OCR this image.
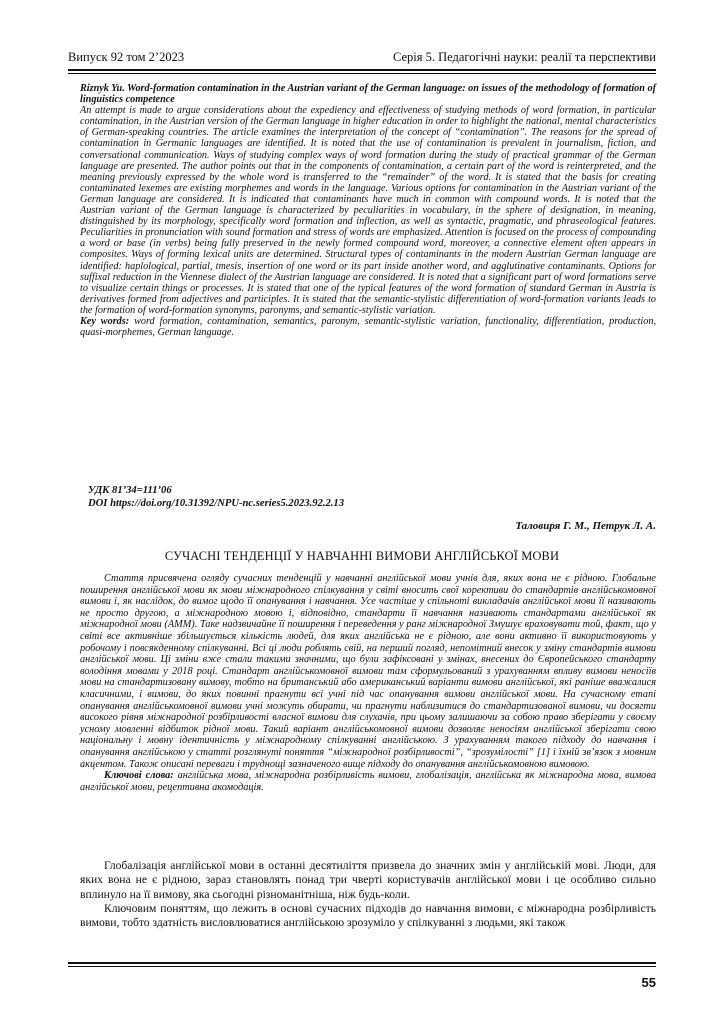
Випуск 92 том 2’2023	Серія 5. Педагогічні науки: реалії та перспективи

Riznyk Yu. Word-formation contamination in the Austrian variant of the German language: on issues of the methodology of formation of linguistics competence

An attempt is made to argue considerations about the expediency and effectiveness of studying methods of word formation, in particular contamination, in the Austrian version of the German language in higher education in order to highlight the national, mental characteristics of German-speaking countries. The article examines the interpretation of the concept of “contamination”. The reasons for the spread of contamination in Germanic languages are identified. It is noted that the use of contamination is prevalent in journalism, fiction, and conversational communication. Ways of studying complex ways of word formation during the study of practical grammar of the German language are presented. The author points out that in the components of contamination, a certain part of the word is reinterpreted, and the meaning previously expressed by the whole word is transferred to the “remainder” of the word. It is stated that the basis for creating contaminated lexemes are existing morphemes and words in the language. Various options for contamination in the Austrian variant of the German language are considered. It is indicated that contaminants have much in common with compound words. It is noted that the Austrian variant of the German language is characterized by peculiarities in vocabulary, in the sphere of designation, in meaning, distinguished by its morphology, specifically word formation and inflection, as well as syntactic, pragmatic, and phraseological features. Peculiarities in pronunciation with sound formation and stress of words are emphasized. Attention is focused on the process of compounding a word or base (in verbs) being fully preserved in the newly formed compound word, moreover, a connective element often appears in composites. Ways of forming lexical units are determined. Structural types of contaminants in the modern Austrian German language are identified: haplological, partial, tmesis, insertion of one word or its part inside another word, and agglutinative contaminants. Options for suffixal reduction in the Viennese dialect of the Austrian language are considered. It is noted that a significant part of word formations serve to visualize certain things or processes. It is stated that one of the typical features of the word formation of standard German in Austria is derivatives formed from adjectives and participles. It is stated that the semantic-stylistic differentiation of word-formation variants leads to the formation of word-formation synonyms, paronyms, and semantic-stylistic variation.

Key words: word formation, contamination, semantics, paronym, semantic-stylistic variation, functionality, differentiation, production, quasi-morphemes, German language.

УДК 81’34=111’06
DOI https://doi.org/10.31392/NPU-nc.series5.2023.92.2.13
Таловиря Г. М., Петрук Л. А.
СУЧАСНІ ТЕНДЕНЦІЇ У НАВЧАННІ ВИМОВИ АНГЛІЙСЬКОЇ МОВИ

Стаття присвячена огляду сучасних тенденцій у навчанні англійської мови учнів для, яких вона не є рідною. Глобальне поширення англійської мови як мови міжнародного спілкування у світі вносить свої корективи до стандартів англійськомовної вимови і, як наслідок, до вимог щодо її опанування і навчання. Усе частіше у спільноті викладачів англійської мови її називають не просто другою, а міжнародною мовою і, відповідно, стандарти її навчання називають стандартами англійської як міжнародної мови (АММ). Таке надзвичайне її поширення і переведення у ранг міжнародної Змушує враховувати той, факт, що у світі все активніше збільшується кількість людей, для яких англійська не є рідною, але вони активно її використовують у робочому і повсякденному спілкуванні. Всі ці люди роблять свій, на перший погляд, непомітний внесок у зміну стандартів вимови англійської мови. Ці зміни вже стали такими значними, що були зафіксовані у змінах, внесених до Європейського стандарту володіння мовами у 2018 році. Стандарт англійськомовної вимови там сформульований з урахуванням впливу вимови неносіїв мови на стандартизовану вимову, тобто на британський або американський варіанти вимови англійської, які раніше вважалися класичними, і вимови, до яких повинні прагнути всі учні під час опанування вимови англійської мови. На сучасному етапі опанування англійськомовної вимови учні можуть обирати, чи прагнути наблизитися до стандартизованої вимови, чи досягти високого рівня міжнародної розбірливості власної вимови для слухачів, при цьому залишаючи за собою право зберігати у своєму усному мовленні відбиток рідної мови. Такий варіант англійськомовної вимови дозволяє неносіям англійської зберігати свою національну і мовну ідентичність у міжнародному спілкуванні англійською. З урахуванням такого підходу до навчання і опанування англійською у статті розглянуті поняття “міжнародної розбірливості”, “зрозумілості” [1] і їхній зв’язок з мовним акцентом. Також описані переваги і труднощі зазначеного вище підходу до опанування англійськомовною вимовою.

Ключові слова: англійська мова, міжнародна розбірливість вимови, глобалізація, англійська як міжнародна мова, вимова англійської мови, рецептивна акомодація.

Глобалізація англійської мови в останні десятиліття призвела до значних змін у англійській мові. Люди, для яких вона не є рідною, зараз становлять понад три чверті користувачів англійської мови і це особливо сильно вплинуло на її вимову, яка сьогодні різноманітніша, ніж будь-коли.

Ключовим поняттям, що лежить в основі сучасних підходів до навчання вимови, є міжнародна розбірливість вимови, тобто здатність висловлюватися англійською зрозуміло у спілкуванні з людьми, які також

55
